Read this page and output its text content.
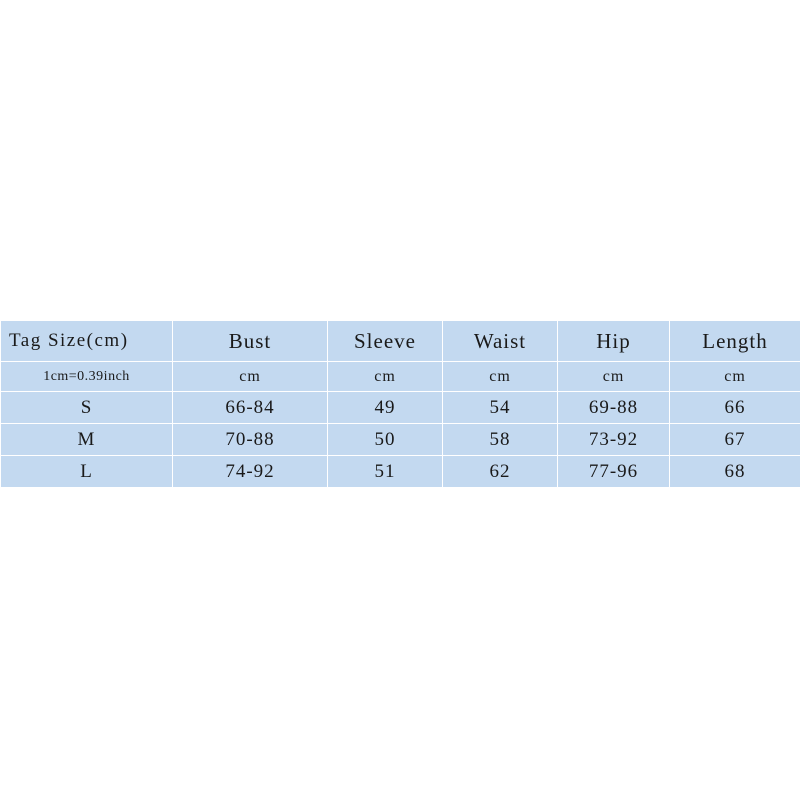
Tag Size(cm)	Bust	Sleeve	Waist	Hip	Length
1cm=0.39inch	cm	cm	cm	cm	cm
S	66-84	49	54	69-88	66
M	70-88	50	58	73-92	67
L	74-92	51	62	77-96	68
